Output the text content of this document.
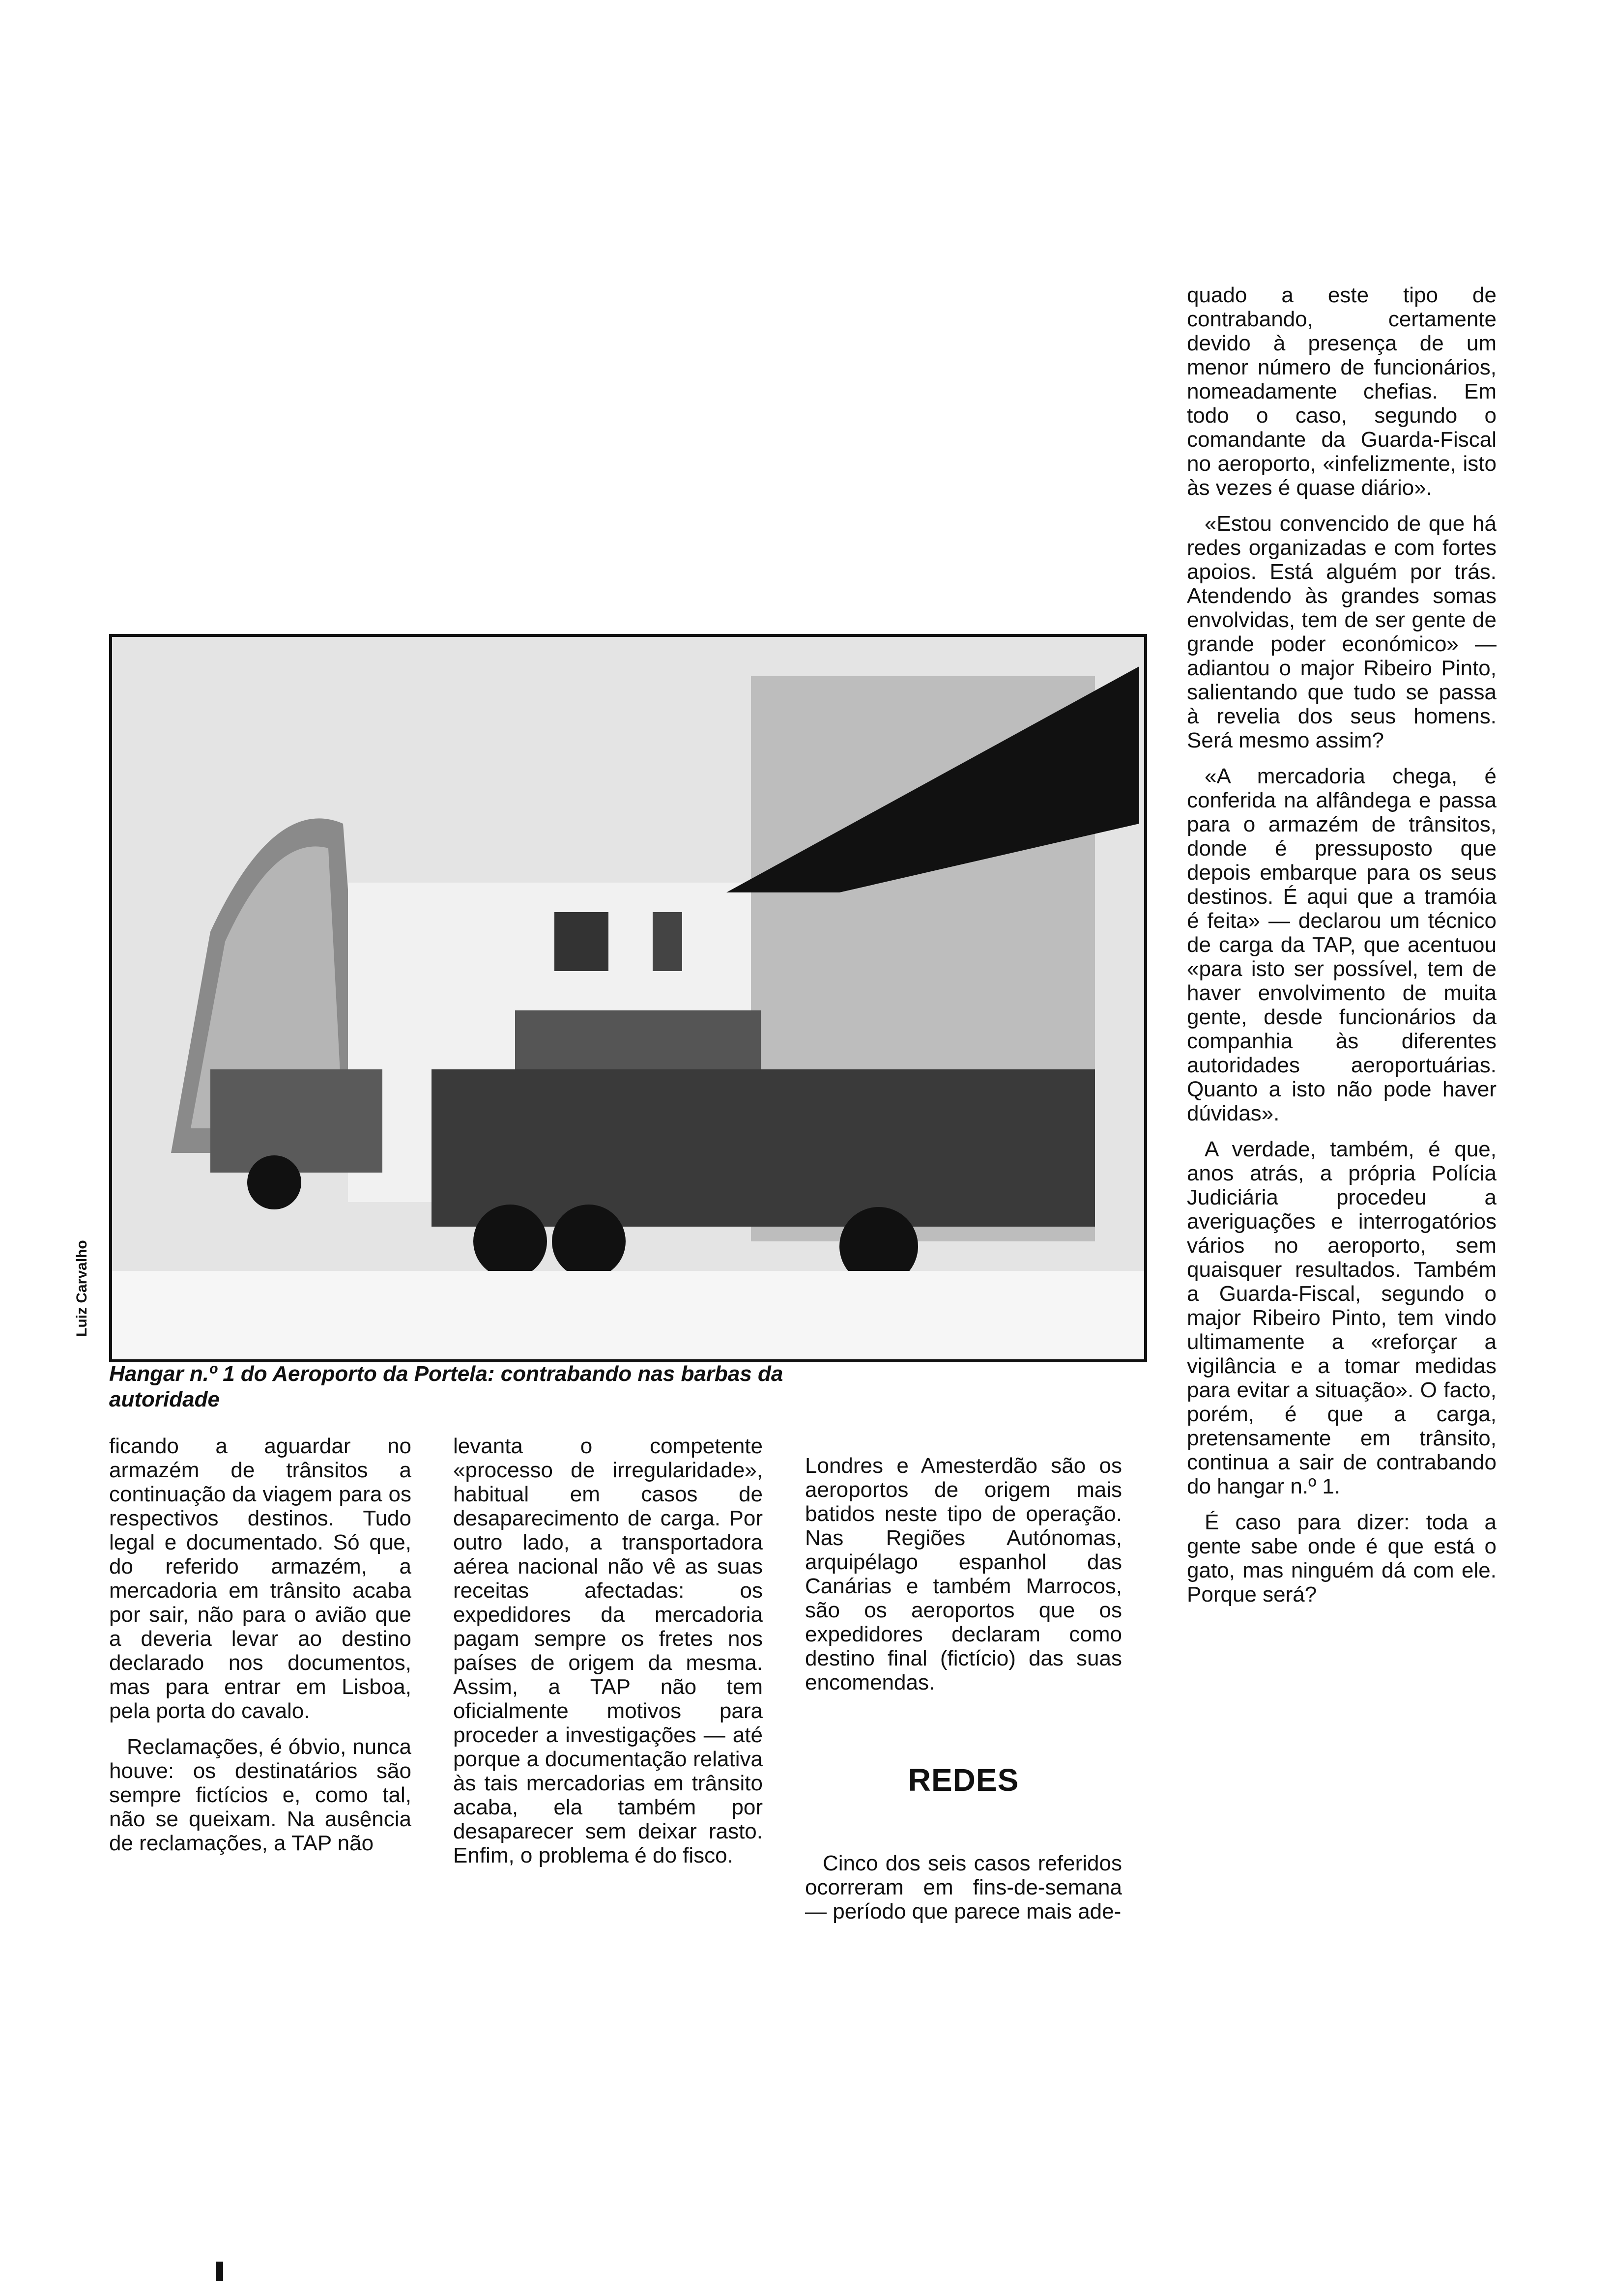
Luiz Carvalho
Hangar n.º 1 do Aeroporto da Portela: contrabando nas barbas da autoridade

ficando a aguardar no armazém de trânsitos a continuação da viagem para os respectivos destinos. Tudo legal e documentado. Só que, do referido armazém, a mercadoria em trânsito acaba por sair, não para o avião que a deveria levar ao destino declarado nos documentos, mas para entrar em Lisboa, pela porta do cavalo.

Reclamações, é óbvio, nunca houve: os destinatários são sempre fictícios e, como tal, não se queixam. Na ausência de reclamações, a TAP não

levanta o competente «processo de irregularidade», habitual em casos de desaparecimento de carga. Por outro lado, a transportadora aérea nacional não vê as suas receitas afectadas: os expedidores da mercadoria pagam sempre os fretes nos países de origem da mesma. Assim, a TAP não tem oficialmente motivos para proceder a investigações — até porque a documentação relativa às tais mercadorias em trânsito acaba, ela também por desaparecer sem deixar rasto. Enfim, o problema é do fisco.

Londres e Amesterdão são os aeroportos de origem mais batidos neste tipo de operação. Nas Regiões Autónomas, arquipélago espanhol das Canárias e também Marrocos, são os aeroportos que os expedidores declaram como destino final (fictício) das suas encomendas.

REDES

Cinco dos seis casos referidos ocorreram em fins-de-semana — período que parece mais ade-

quado a este tipo de contrabando, certamente devido à presença de um menor número de funcionários, nomeadamente chefias. Em todo o caso, segundo o comandante da Guarda-Fiscal no aeroporto, «infelizmente, isto às vezes é quase diário».

«Estou convencido de que há redes organizadas e com fortes apoios. Está alguém por trás. Atendendo às grandes somas envolvidas, tem de ser gente de grande poder económico» — adiantou o major Ribeiro Pinto, salientando que tudo se passa à revelia dos seus homens. Será mesmo assim?

«A mercadoria chega, é conferida na alfândega e passa para o armazém de trânsitos, donde é pressuposto que depois embarque para os seus destinos. É aqui que a tramóia é feita» — declarou um técnico de carga da TAP, que acentuou «para isto ser possível, tem de haver envolvimento de muita gente, desde funcionários da companhia às diferentes autoridades aeroportuárias. Quanto a isto não pode haver dúvidas».

A verdade, também, é que, anos atrás, a própria Polícia Judiciária procedeu a averiguações e interrogatórios vários no aeroporto, sem quaisquer resultados. Também a Guarda-Fiscal, segundo o major Ribeiro Pinto, tem vindo ultimamente a «reforçar a vigilância e a tomar medidas para evitar a situação». O facto, porém, é que a carga, pretensamente em trânsito, continua a sair de contrabando do hangar n.º 1.

É caso para dizer: toda a gente sabe onde é que está o gato, mas ninguém dá com ele. Porque será?
